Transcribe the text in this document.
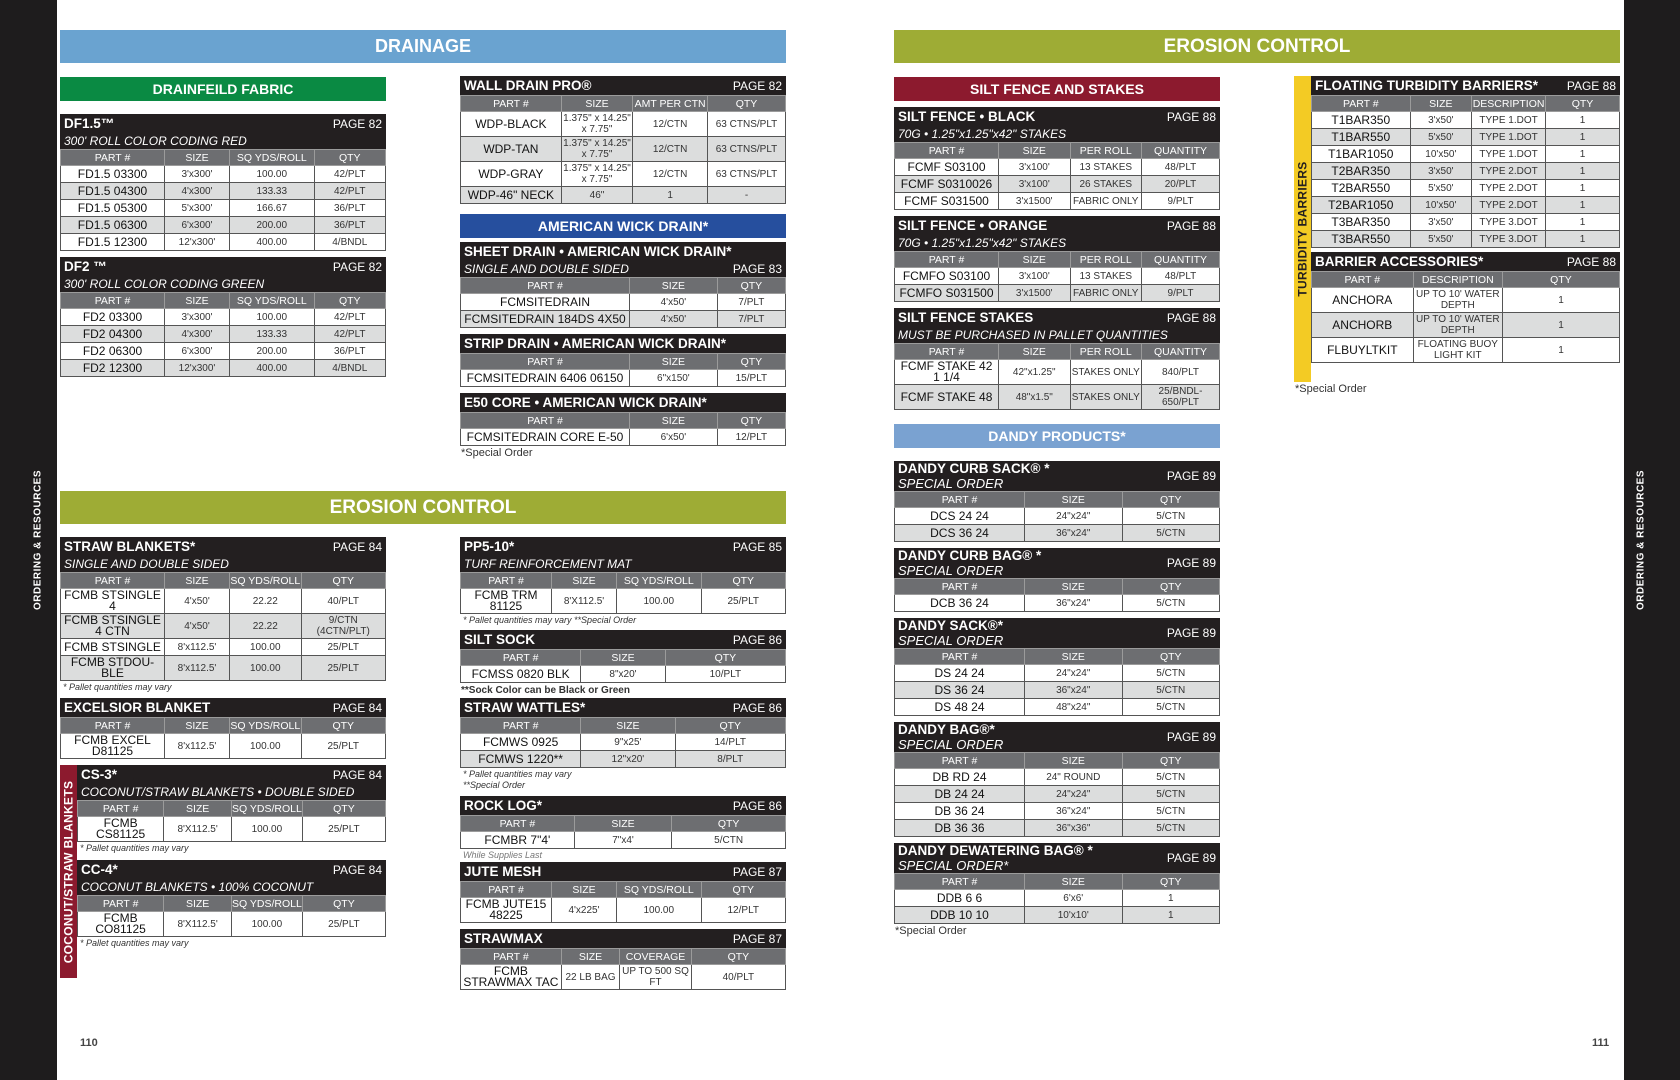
ORDERING & RESOURCES	ORDERING & RESOURCES
110	111
DRAINAGE
EROSION CONTROL
EROSION CONTROL
DRAINFEILD FABRIC
DF1.5™	PAGE 82
300' ROLL COLOR CODING RED
PART #	SIZE	SQ YDS/ROLL	QTY
FD1.5 03300	3'x300'	100.00	42/PLT
FD1.5 04300	4'x300'	133.33	42/PLT
FD1.5 05300	5'x300'	166.67	36/PLT
FD1.5 06300	6'x300'	200.00	36/PLT
FD1.5 12300	12'x300'	400.00	4/BNDL
DF2 ™	PAGE 82
300' ROLL COLOR CODING GREEN
PART #	SIZE	SQ YDS/ROLL	QTY
FD2 03300	3'x300'	100.00	42/PLT
FD2 04300	4'x300'	133.33	42/PLT
FD2 06300	6'x300'	200.00	36/PLT
FD2 12300	12'x300'	400.00	4/BNDL
WALL DRAIN PRO®	PAGE 82
PART #	SIZE	AMT PER CTN	QTY
WDP-BLACK	1.375" x 14.25" x 7.75"	12/CTN	63 CTNS/PLT
WDP-TAN	1.375" x 14.25" x 7.75"	12/CTN	63 CTNS/PLT
WDP-GRAY	1.375" x 14.25" x 7.75"	12/CTN	63 CTNS/PLT
WDP-46" NECK	46"	1	-
AMERICAN WICK DRAIN*
SHEET DRAIN • AMERICAN WICK DRAIN*
SINGLE AND DOUBLE SIDED	PAGE 83
PART #	SIZE	QTY
FCMSITEDRAIN	4'x50'	7/PLT
FCMSITEDRAIN 184DS 4X50	4'x50'	7/PLT
STRIP DRAIN • AMERICAN WICK DRAIN*
PART #	SIZE	QTY
FCMSITEDRAIN 6406 06150	6"x150'	15/PLT
E50 CORE • AMERICAN WICK DRAIN*
PART #	SIZE	QTY
FCMSITEDRAIN CORE E-50	6'x50'	12/PLT
*Special Order
STRAW BLANKETS*	PAGE 84
SINGLE AND DOUBLE SIDED
PART #	SIZE	SQ YDS/ROLL	QTY
FCMB STSINGLE 4	4'x50'	22.22	40/PLT
FCMB STSINGLE 4 CTN	4'x50'	22.22	9/CTN (4CTN/PLT)
FCMB STSINGLE	8'x112.5'	100.00	25/PLT
FCMB STDOU-BLE	8'x112.5'	100.00	25/PLT
* Pallet quantities may vary
EXCELSIOR BLANKET	PAGE 84
PART #	SIZE	SQ YDS/ROLL	QTY
FCMB EXCEL D81125	8'x112.5'	100.00	25/PLT
COCONUT/STRAW BLANKETS
CS-3*	PAGE 84
COCONUT/STRAW BLANKETS • DOUBLE SIDED
PART #	SIZE	SQ YDS/ROLL	QTY
FCMB CS81125	8'X112.5'	100.00	25/PLT
* Pallet quantities may vary
CC-4*	PAGE 84
COCONUT BLANKETS • 100% COCONUT
PART #	SIZE	SQ YDS/ROLL	QTY
FCMB CO81125	8'X112.5'	100.00	25/PLT
* Pallet quantities may vary
PP5-10*	PAGE 85
TURF REINFORCEMENT MAT
PART #	SIZE	SQ YDS/ROLL	QTY
FCMB TRM 81125	8'X112.5'	100.00	25/PLT
* Pallet quantities may vary **Special Order
SILT SOCK	PAGE 86
PART #	SIZE	QTY
FCMSS 0820 BLK	8"x20'	10/PLT
**Sock Color can be Black or Green
STRAW WATTLES*	PAGE 86
PART #	SIZE	QTY
FCMWS 0925	9"x25'	14/PLT
FCMWS 1220**	12"x20'	8/PLT
* Pallet quantities may vary
**Special Order
ROCK LOG*	PAGE 86
PART #	SIZE	QTY
FCMBR 7"4'	7"x4'	5/CTN
While Supplies Last
JUTE MESH	PAGE 87
PART #	SIZE	SQ YDS/ROLL	QTY
FCMB JUTE15 48225	4'x225'	100.00	12/PLT
STRAWMAX	PAGE 87
PART #	SIZE	COVERAGE	QTY
FCMB STRAWMAX TAC	22 LB BAG	UP TO 500 SQ FT	40/PLT
SILT FENCE AND STAKES
SILT FENCE • BLACK	PAGE 88
70G • 1.25"x1.25"x42" STAKES
PART #	SIZE	PER ROLL	QUANTITY
FCMF S03100	3'x100'	13 STAKES	48/PLT
FCMF S0310026	3'x100'	26 STAKES	20/PLT
FCMF S031500	3'x1500'	FABRIC ONLY	9/PLT
SILT FENCE • ORANGE	PAGE 88
70G • 1.25"x1.25"x42" STAKES
PART #	SIZE	PER ROLL	QUANTITY
FCMFO S03100	3'x100'	13 STAKES	48/PLT
FCMFO S031500	3'x1500'	FABRIC ONLY	9/PLT
SILT FENCE STAKES	PAGE 88
MUST BE PURCHASED IN PALLET QUANTITIES
PART #	SIZE	PER ROLL	QUANTITY
FCMF STAKE 42 1 1/4	42"x1.25"	STAKES ONLY	840/PLT
FCMF STAKE 48	48"x1.5"	STAKES ONLY	25/BNDL- 650/PLT
DANDY PRODUCTS*
DANDY CURB SACK® *
SPECIAL ORDER	PAGE 89
PART #	SIZE	QTY
DCS 24 24	24"x24"	5/CTN
DCS 36 24	36"x24"	5/CTN
DANDY CURB BAG® *
SPECIAL ORDER	PAGE 89
PART #	SIZE	QTY
DCB 36 24	36"x24"	5/CTN
DANDY SACK®*
SPECIAL ORDER	PAGE 89
PART #	SIZE	QTY
DS 24 24	24"x24"	5/CTN
DS 36 24	36"x24"	5/CTN
DS 48 24	48"x24"	5/CTN
DANDY BAG®*
SPECIAL ORDER	PAGE 89
PART #	SIZE	QTY
DB RD 24	24" ROUND	5/CTN
DB 24 24	24"x24"	5/CTN
DB 36 24	36"x24"	5/CTN
DB 36 36	36"x36"	5/CTN
DANDY DEWATERING BAG® *
SPECIAL ORDER*	PAGE 89
PART #	SIZE	QTY
DDB 6 6	6'x6'	1
DDB 10 10	10'x10'	1
*Special Order
TURBIDITY BARRIERS
FLOATING TURBIDITY BARRIERS* PAGE 88
PART #	SIZE	DESCRIPTION	QTY
T1BAR350	3'x50'	TYPE 1.DOT	1
T1BAR550	5'x50'	TYPE 1.DOT	1
T1BAR1050	10'x50'	TYPE 1.DOT	1
T2BAR350	3'x50'	TYPE 2.DOT	1
T2BAR550	5'x50'	TYPE 2.DOT	1
T2BAR1050	10'x50'	TYPE 2.DOT	1
T3BAR350	3'x50'	TYPE 3.DOT	1
T3BAR550	5'x50'	TYPE 3.DOT	1
BARRIER ACCESSORIES*	PAGE 88
PART #	DESCRIPTION	QTY
ANCHORA	UP TO 10' WATER DEPTH	1
ANCHORB	UP TO 10' WATER DEPTH	1
FLBUYLTKIT	FLOATING BUOY LIGHT KIT	1
*Special Order
